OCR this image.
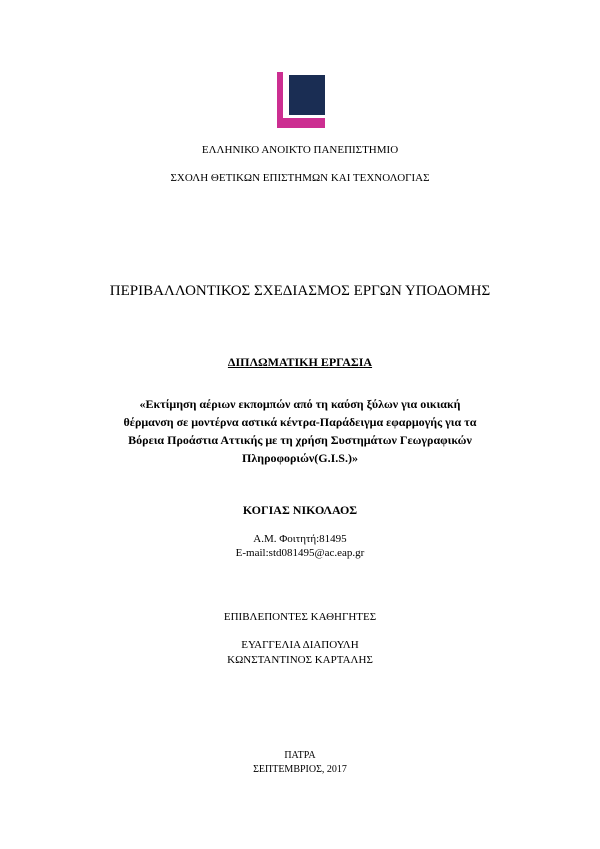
ΕΛΛΗΝΙΚΟ ΑΝΟΙΚΤΟ ΠΑΝΕΠΙΣΤΗΜΙΟ
ΣΧΟΛΗ ΘΕΤΙΚΩΝ ΕΠΙΣΤΗΜΩΝ ΚΑΙ ΤΕΧΝΟΛΟΓΙΑΣ
ΠΕΡΙΒΑΛΛΟΝΤΙΚΟΣ ΣΧΕΔΙΑΣΜΟΣ ΕΡΓΩΝ ΥΠΟΔΟΜΗΣ
ΔΙΠΛΩΜΑΤΙΚΗ ΕΡΓΑΣΙΑ
«Εκτίμηση αέριων εκπομπών από τη καύση ξύλων για οικιακή
θέρμανση σε μοντέρνα αστικά κέντρα-Παράδειγμα εφαρμογής για τα
Βόρεια Προάστια Αττικής με τη χρήση Συστημάτων Γεωγραφικών
Πληροφοριών(G.I.S.)»
ΚΟΓΙΑΣ ΝΙΚΟΛΑΟΣ
Α.Μ. Φοιτητή:81495
E-mail:std081495@ac.eap.gr
ΕΠΙΒΛΕΠΟΝΤΕΣ ΚΑΘΗΓΗΤΕΣ
ΕΥΑΓΓΕΛΙΑ ΔΙΑΠΟΥΛΗ
ΚΩΝΣΤΑΝΤΙΝΟΣ ΚΑΡΤΑΛΗΣ
ΠΑΤΡΑ
ΣΕΠΤΕΜΒΡΙΟΣ, 2017
